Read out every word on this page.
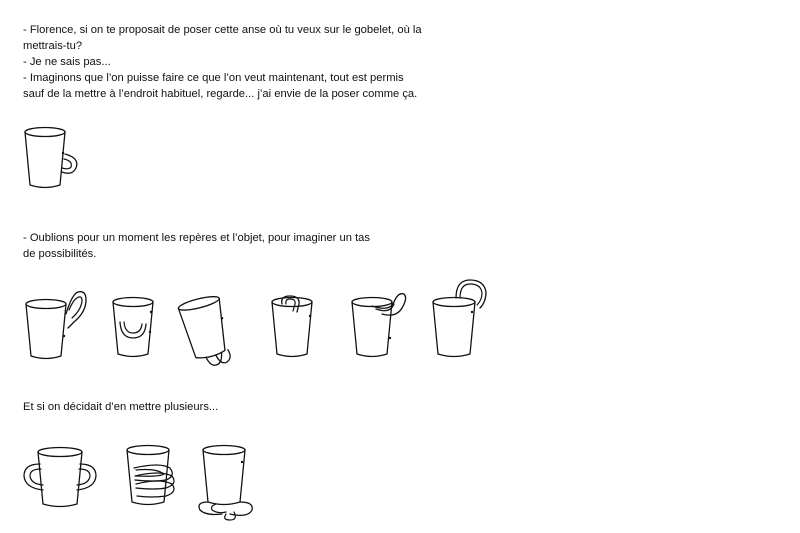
- Florence, si on te proposait de poser cette anse où tu veux sur le gobelet, où la
mettrais-tu?
- Je ne sais pas...
- Imaginons que l’on puisse faire ce que l’on veut maintenant, tout est permis
sauf de la mettre à l’endroit habituel, regarde... j’ai envie de la poser comme ça.
- Oublions pour un moment les repères et l’objet, pour imaginer un tas
de possibilités.
Et si on décidait d’en mettre plusieurs...
